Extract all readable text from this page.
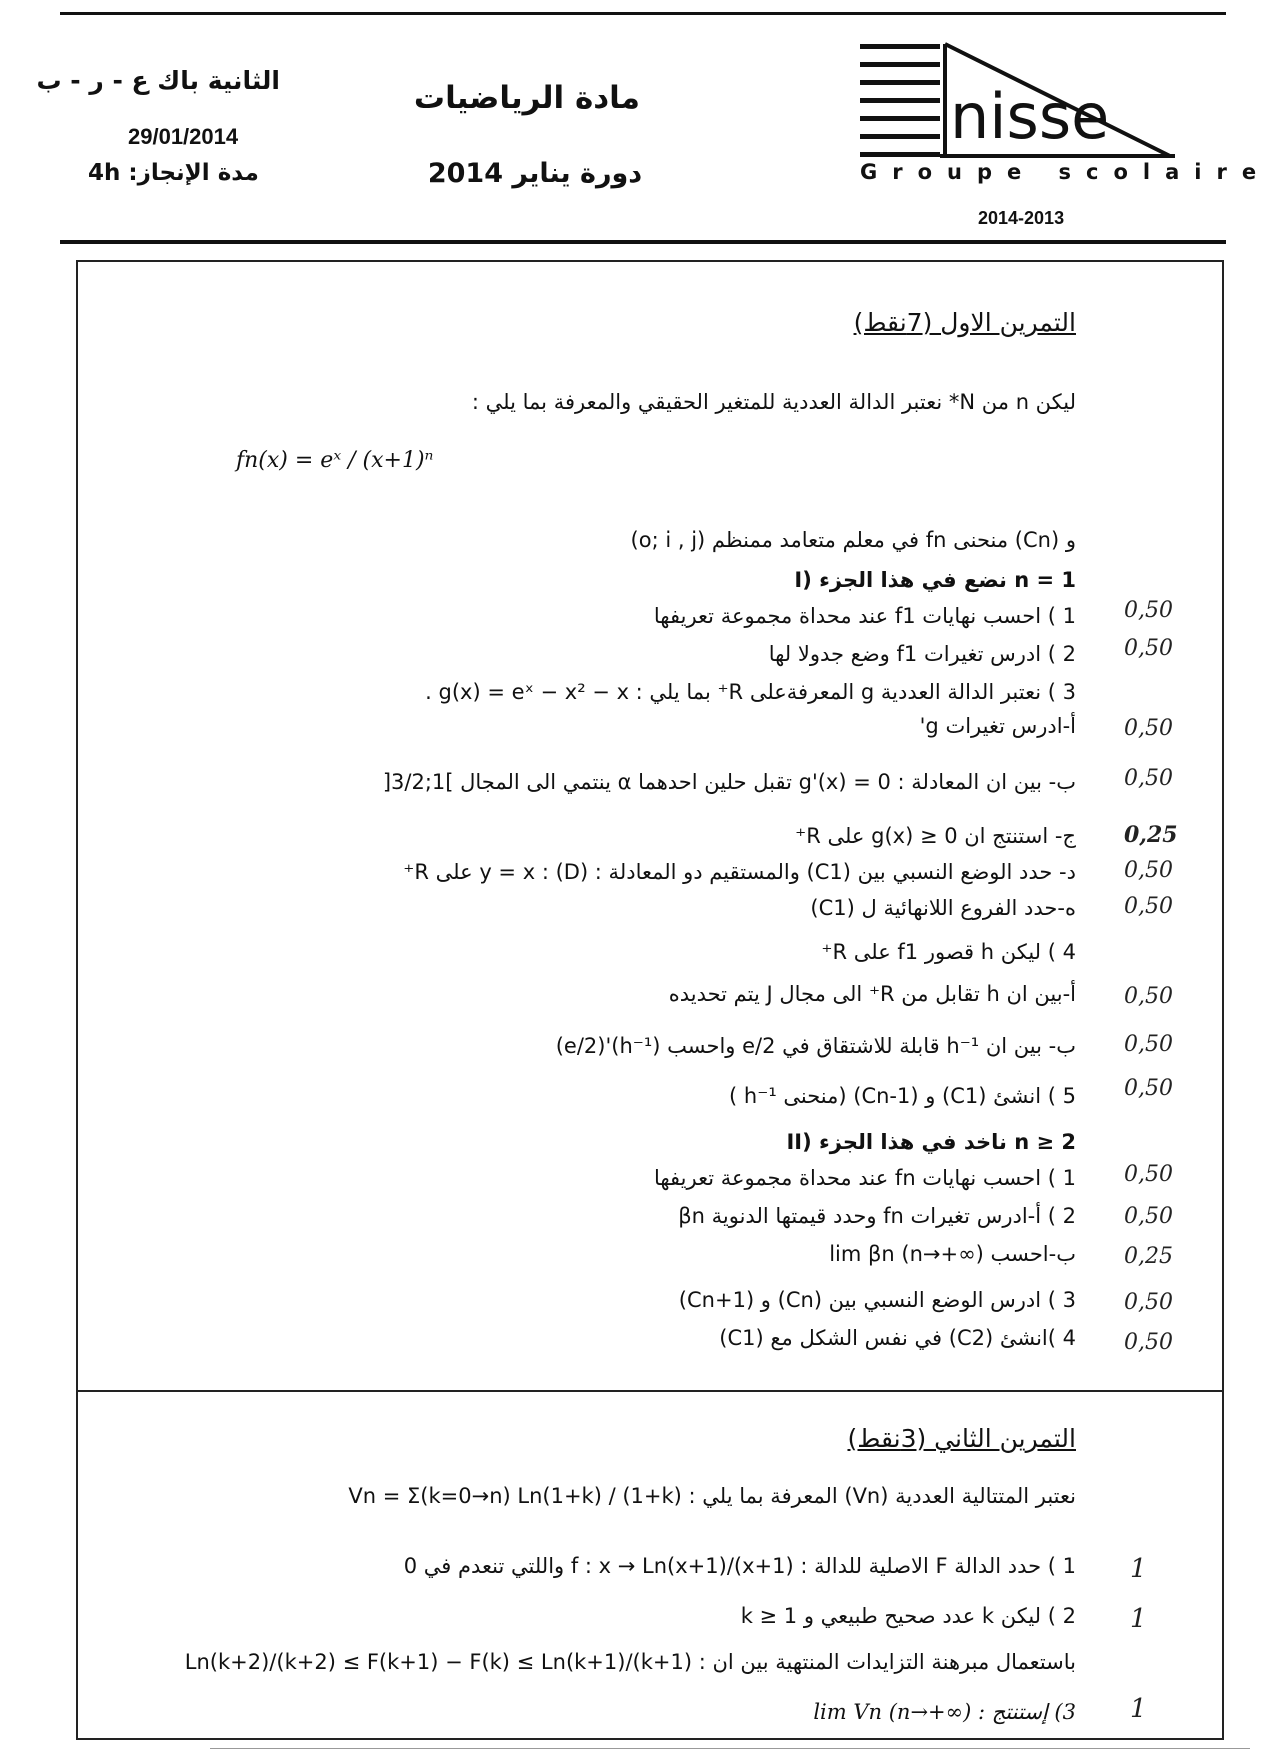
الثانية باك ع - ر - ب
29/01/2014
مدة الإنجاز: 4h
مادة الرياضيات
دورة يناير 2014
nisse
Groupe scolaire
2014-2013
التمرين الاول (7نقط)
ليكن n من N* نعتبر الدالة العددية للمتغير الحقيقي والمعرفة بما يلي :
fn(x) = eˣ / (x+1)ⁿ
و (Cn) منحنى fn في معلم متعامد ممنظم (o; i , j)
I) نضع في هذا الجزء n = 1
1 ) احسب نهايات f1 عند محداة مجموعة تعريفها
2 ) ادرس تغيرات f1 وضع جدولا لها
3 ) نعتبر الدالة العددية g المعرفةعلى R⁺ بما يلي : g(x) = eˣ − x² − x .
أ-ادرس تغيرات g'
ب- بين ان المعادلة : g'(x) = 0 تقبل حلين احدهما α ينتمي الى المجال ]1;3/2[
ج- استنتج ان g(x) ≥ 0 على R⁺
د- حدد الوضع النسبي بين (C1) والمستقيم دو المعادلة : (D) : y = x على R⁺
ه-حدد الفروع اللانهائية ل (C1)
4 ) ليكن h قصور f1 على R⁺
أ-بين ان h تقابل من R⁺ الى مجال J يتم تحديده
ب- بين ان h⁻¹ قابلة للاشتقاق في e/2 واحسب (h⁻¹)'(e/2)
5 ) انشئ (C1) و (Cn-1) (منحنى h⁻¹ )
II) ناخد في هذا الجزء n ≥ 2
1 ) احسب نهايات fn عند محداة مجموعة تعريفها
2 ) أ-ادرس تغيرات fn وحدد قيمتها الدنوية βn
ب-احسب lim βn (n→+∞)
3 ) ادرس الوضع النسبي بين (Cn) و (Cn+1)
4 )انشئ (C2) في نفس الشكل مع (C1)
0,50
0,50
0,50
0,50
0,25
0,50
0,50
0,50
0,50
0,50
0,50
0,50
0,25
0,50
0,50
التمرين الثاني (3نقط)
نعتبر المتتالية العددية (Vn) المعرفة بما يلي : Vn = Σ(k=0→n) Ln(1+k) / (1+k)
1 ) حدد الدالة F الاصلية للدالة : f : x → Ln(x+1)/(x+1) واللتي تنعدم في 0
2 ) ليكن k عدد صحيح طبيعي و k ≥ 1
باستعمال مبرهنة التزايدات المنتهية بين ان : Ln(k+2)/(k+2) ≤ F(k+1) − F(k) ≤ Ln(k+1)/(k+1)
3) إستنتج : lim Vn (n→+∞)
1
1
1
